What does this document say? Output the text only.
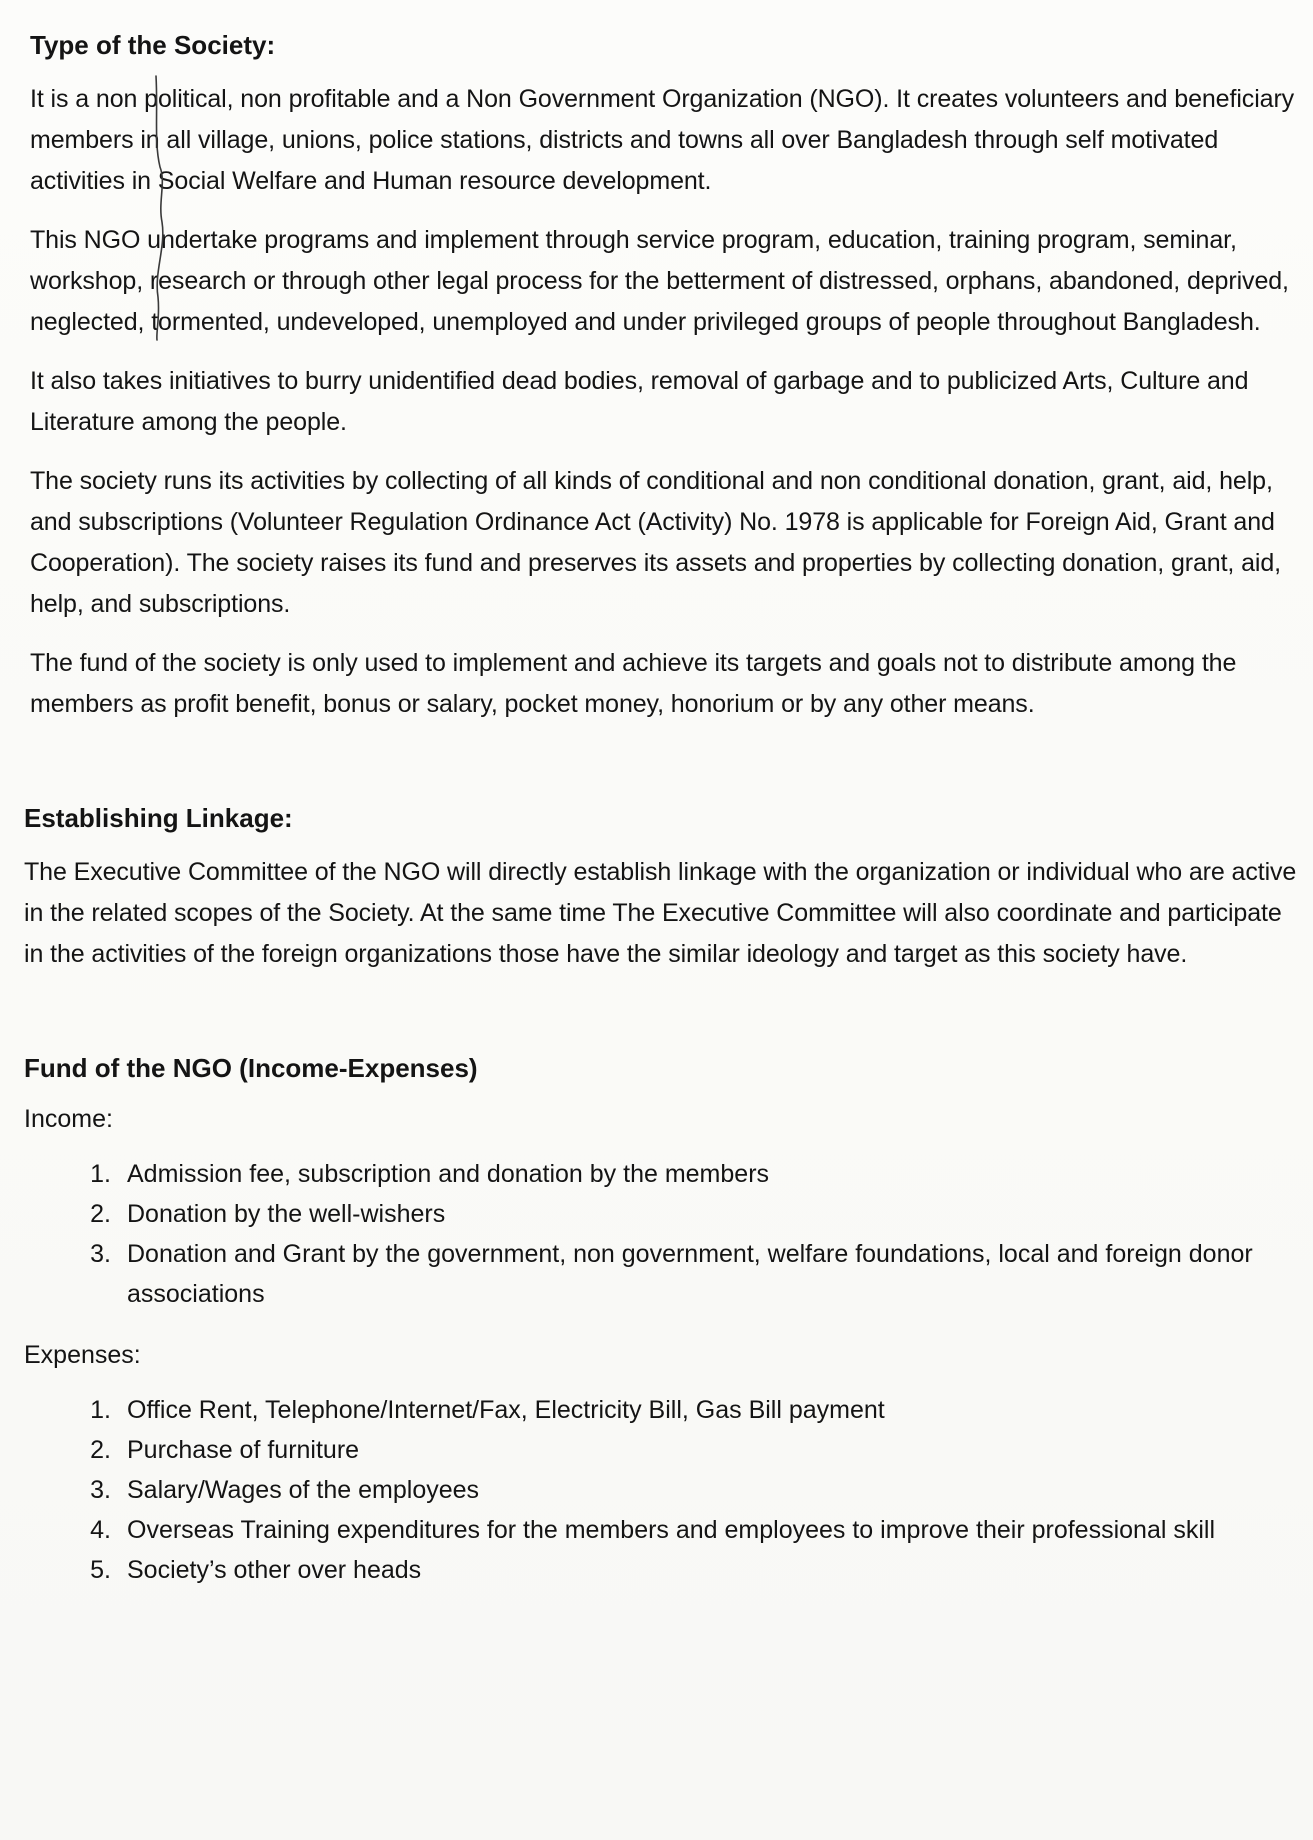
Type of the Society:

It is a non political, non profitable and a Non Government Organization (NGO). It creates volunteers and beneficiary members in all village, unions, police stations, districts and towns all over Bangladesh through self motivated activities in Social Welfare and Human resource development.

This NGO undertake programs and implement through service program, education, training program, seminar, workshop, research or through other legal process for the betterment of distressed, orphans, abandoned, deprived, neglected, tormented, undeveloped, unemployed and under privileged groups of people throughout Bangladesh.

It also takes initiatives to burry unidentified dead bodies, removal of garbage and to publicized Arts, Culture and Literature among the people.

The society runs its activities by collecting of all kinds of conditional and non conditional donation, grant, aid, help, and subscriptions (Volunteer Regulation Ordinance Act (Activity) No. 1978 is applicable for Foreign Aid, Grant and Cooperation). The society raises its fund and preserves its assets and properties by collecting donation, grant, aid, help, and subscriptions.

The fund of the society is only used to implement and achieve its targets and goals not to distribute among the members as profit benefit, bonus or salary, pocket money, honorium or by any other means.

Establishing Linkage:

The Executive Committee of the NGO will directly establish linkage with the organization or individual who are active in the related scopes of the Society. At the same time The Executive Committee will also coordinate and participate in the activities of the foreign organizations those have the similar ideology and target as this society have.

Fund of the NGO (Income-Expenses)
Income:
1. Admission fee, subscription and donation by the members
2. Donation by the well-wishers
3. Donation and Grant by the government, non government, welfare foundations, local and foreign donor associations
Expenses:
1. Office Rent, Telephone/Internet/Fax, Electricity Bill, Gas Bill payment
2. Purchase of furniture
3. Salary/Wages of the employees
4. Overseas Training expenditures for the members and employees to improve their professional skill
5. Society’s other over heads
